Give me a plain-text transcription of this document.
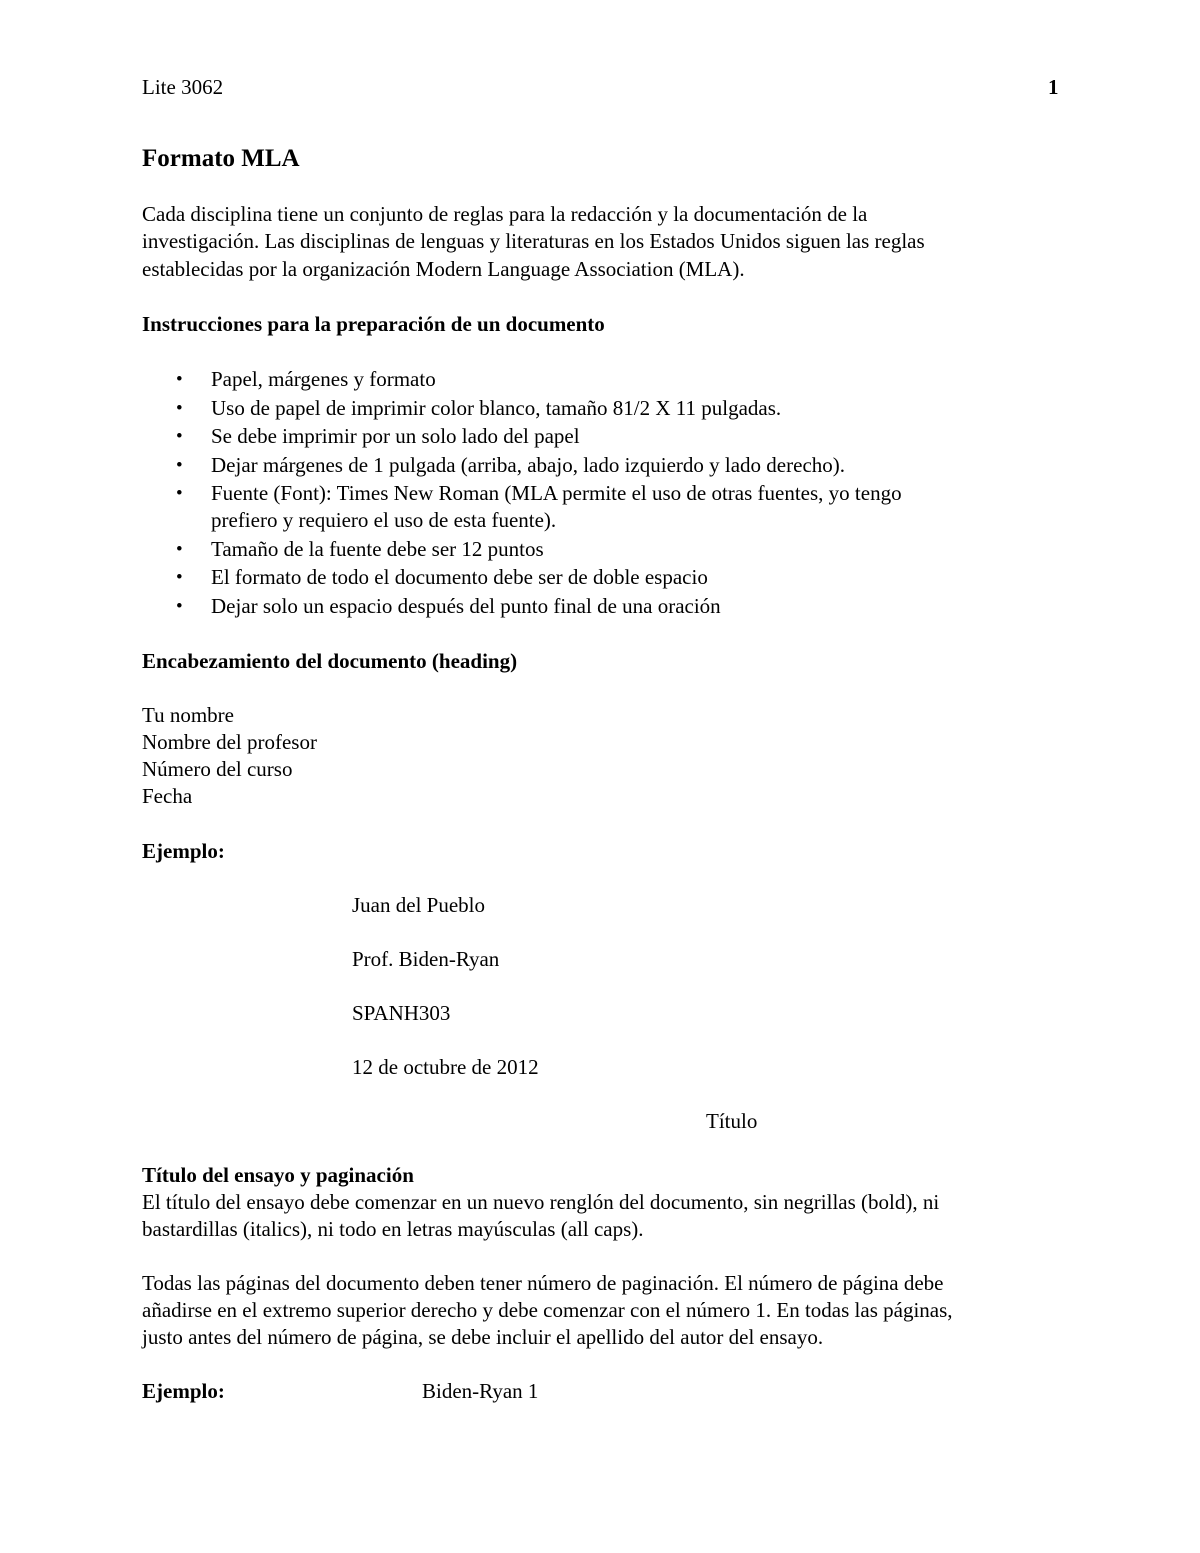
Lite 3062	1
Formato MLA
Cada disciplina tiene un conjunto de reglas para la redacción y la documentación de la
investigación. Las disciplinas de lenguas y literaturas en los Estados Unidos siguen las reglas
establecidas por la organización Modern Language Association (MLA).
Instrucciones para la preparación de un documento
• Papel, márgenes y formato
• Uso de papel de imprimir color blanco, tamaño 81/2 X 11 pulgadas.
• Se debe imprimir por un solo lado del papel
• Dejar márgenes de 1 pulgada (arriba, abajo, lado izquierdo y lado derecho).
• Fuente (Font): Times New Roman (MLA permite el uso de otras fuentes, yo tengo
prefiero y requiero el uso de esta fuente).
• Tamaño de la fuente debe ser 12 puntos
• El formato de todo el documento debe ser de doble espacio
• Dejar solo un espacio después del punto final de una oración
Encabezamiento del documento (heading)
Tu nombre
Nombre del profesor
Número del curso
Fecha
Ejemplo:
Juan del Pueblo
Prof. Biden-Ryan
SPANH303
12 de octubre de 2012
Título
Título del ensayo y paginación
El título del ensayo debe comenzar en un nuevo renglón del documento, sin negrillas (bold), ni
bastardillas (italics), ni todo en letras mayúsculas (all caps).
Todas las páginas del documento deben tener número de paginación. El número de página debe
añadirse en el extremo superior derecho y debe comenzar con el número 1. En todas las páginas,
justo antes del número de página, se debe incluir el apellido del autor del ensayo.
Ejemplo:	Biden-Ryan 1
